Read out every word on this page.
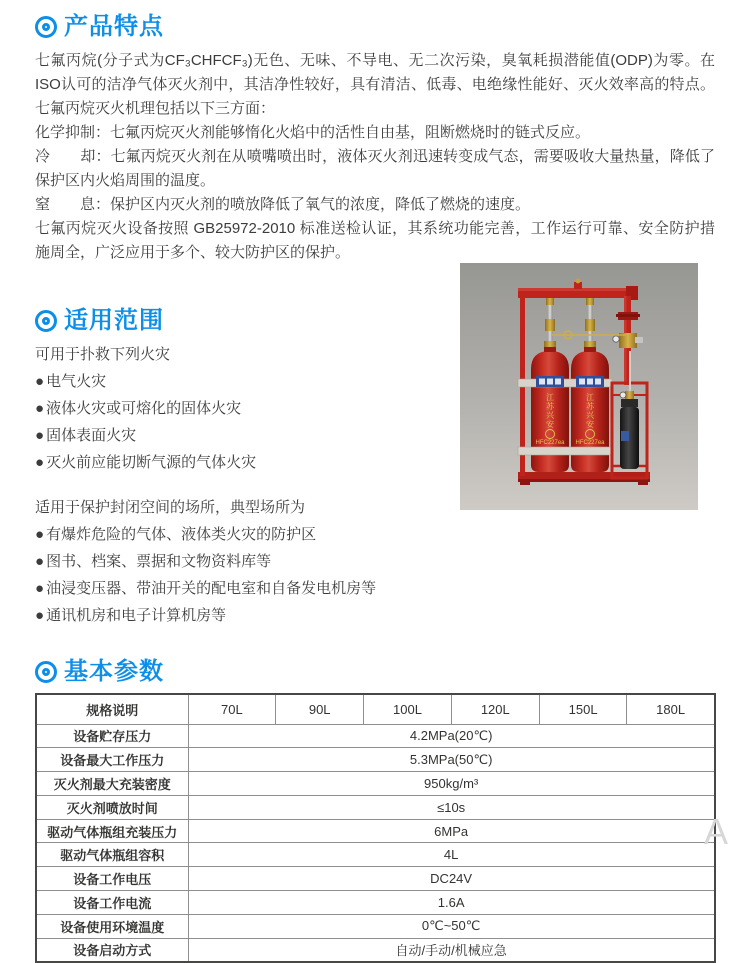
产品特点

七氟丙烷(分子式为CF₃CHFCF₃)无色、无味、不导电、无二次污染，臭氧耗损潜能值(ODP)为零。在ISO认可的洁净气体灭火剂中，其洁净性较好，具有清洁、低毒、电绝缘性能好、灭火效率高的特点。七氟丙烷灭火机理包括以下三方面：

化学抑制：七氟丙烷灭火剂能够惰化火焰中的活性自由基，阻断燃烧时的链式反应。

冷　　却：七氟丙烷灭火剂在从喷嘴喷出时，液体灭火剂迅速转变成气态，需要吸收大量热量，降低了保护区内火焰周围的温度。

窒　　息：保护区内灭火剂的喷放降低了氧气的浓度，降低了燃烧的速度。

七氟丙烷灭火设备按照 GB25972-2010 标准送检认证，其系统功能完善，工作运行可靠、安全防护措施周全，广泛应用于多个、较大防护区的保护。

适用范围
可用于扑救下列火灾
● 电气火灾
● 液体火灾或可熔化的固体火灾
● 固体表面火灾
● 灭火前应能切断气源的气体火灾
适用于保护封闭空间的场所，典型场所为
● 有爆炸危险的气体、液体类火灾的防护区
● 图书、档案、票据和文物资料库等
● 油浸变压器、带油开关的配电室和自备发电机房等
● 通讯机房和电子计算机房等
江
苏
兴
安
HFC227ea
江
苏
兴
安
HFC227ea
基本参数
规格说明	70L	90L	100L	120L	150L	180L
设备贮存压力	4.2MPa(20℃)					
设备最大工作压力	5.3MPa(50℃)					
灭火剂最大充装密度	950kg/m³					
灭火剂喷放时间	≤10s					
驱动气体瓶组充装压力	6MPa					
驱动气体瓶组容积	4L					
设备工作电压	DC24V					
设备工作电流	1.6A					
设备使用环境温度	0℃~50℃					
设备启动方式	自动/手动/机械应急					
A
